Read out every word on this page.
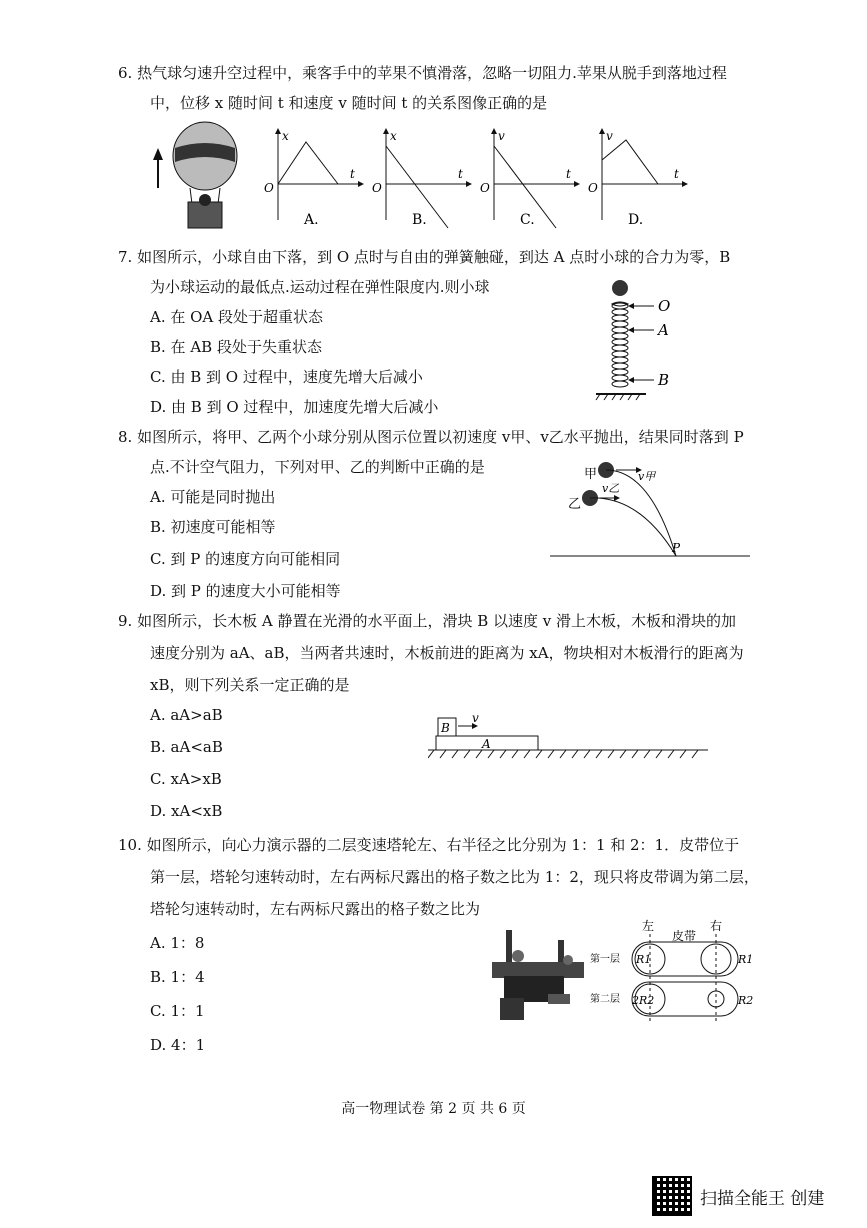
6. 热气球匀速升空过程中，乘客手中的苹果不慎滑落，忽略一切阻力.苹果从脱手到落地过程
中，位移 x 随时间 t 和速度 v 随时间 t 的关系图像正确的是
x
t
O
A.
x
t
O
B.
v
t
O
C.
v
t
O
D.
7. 如图所示，小球自由下落，到 O 点时与自由的弹簧触碰，到达 A 点时小球的合力为零，B
为小球运动的最低点.运动过程在弹性限度内.则小球
A. 在 OA 段处于超重状态
B. 在 AB 段处于失重状态
C. 由 B 到 O 过程中，速度先增大后减小
D. 由 B 到 O 过程中，加速度先增大后减小
O
A
B
8. 如图所示，将甲、乙两个小球分别从图示位置以初速度 v甲、v乙水平抛出，结果同时落到 P
点.不计空气阻力，下列对甲、乙的判断中正确的是
A. 可能是同时抛出
B. 初速度可能相等
C. 到 P 的速度方向可能相同
D. 到 P 的速度大小可能相等
甲
乙
v甲
v乙
P
9. 如图所示，长木板 A 静置在光滑的水平面上，滑块 B 以速度 v 滑上木板，木板和滑块的加
速度分别为 aA、aB，当两者共速时，木板前进的距离为 xA，物块相对木板滑行的距离为
xB，则下列关系一定正确的是
A. aA>aB
B. aA<aB
C. xA>xB
D. xA<xB
B
A
v
10. 如图所示，向心力演示器的二层变速塔轮左、右半径之比分别为 1：1 和 2：1．皮带位于
第一层，塔轮匀速转动时，左右两标尺露出的格子数之比为 1：2，现只将皮带调为第二层，
塔轮匀速转动时，左右两标尺露出的格子数之比为
A. 1：8
B. 1：4
C. 1：1
D. 4：1
左
皮带
右
第一层
第二层
R1	R1
2R2	R2
高一物理试卷 第 2 页 共 6 页
扫描全能王 创建
